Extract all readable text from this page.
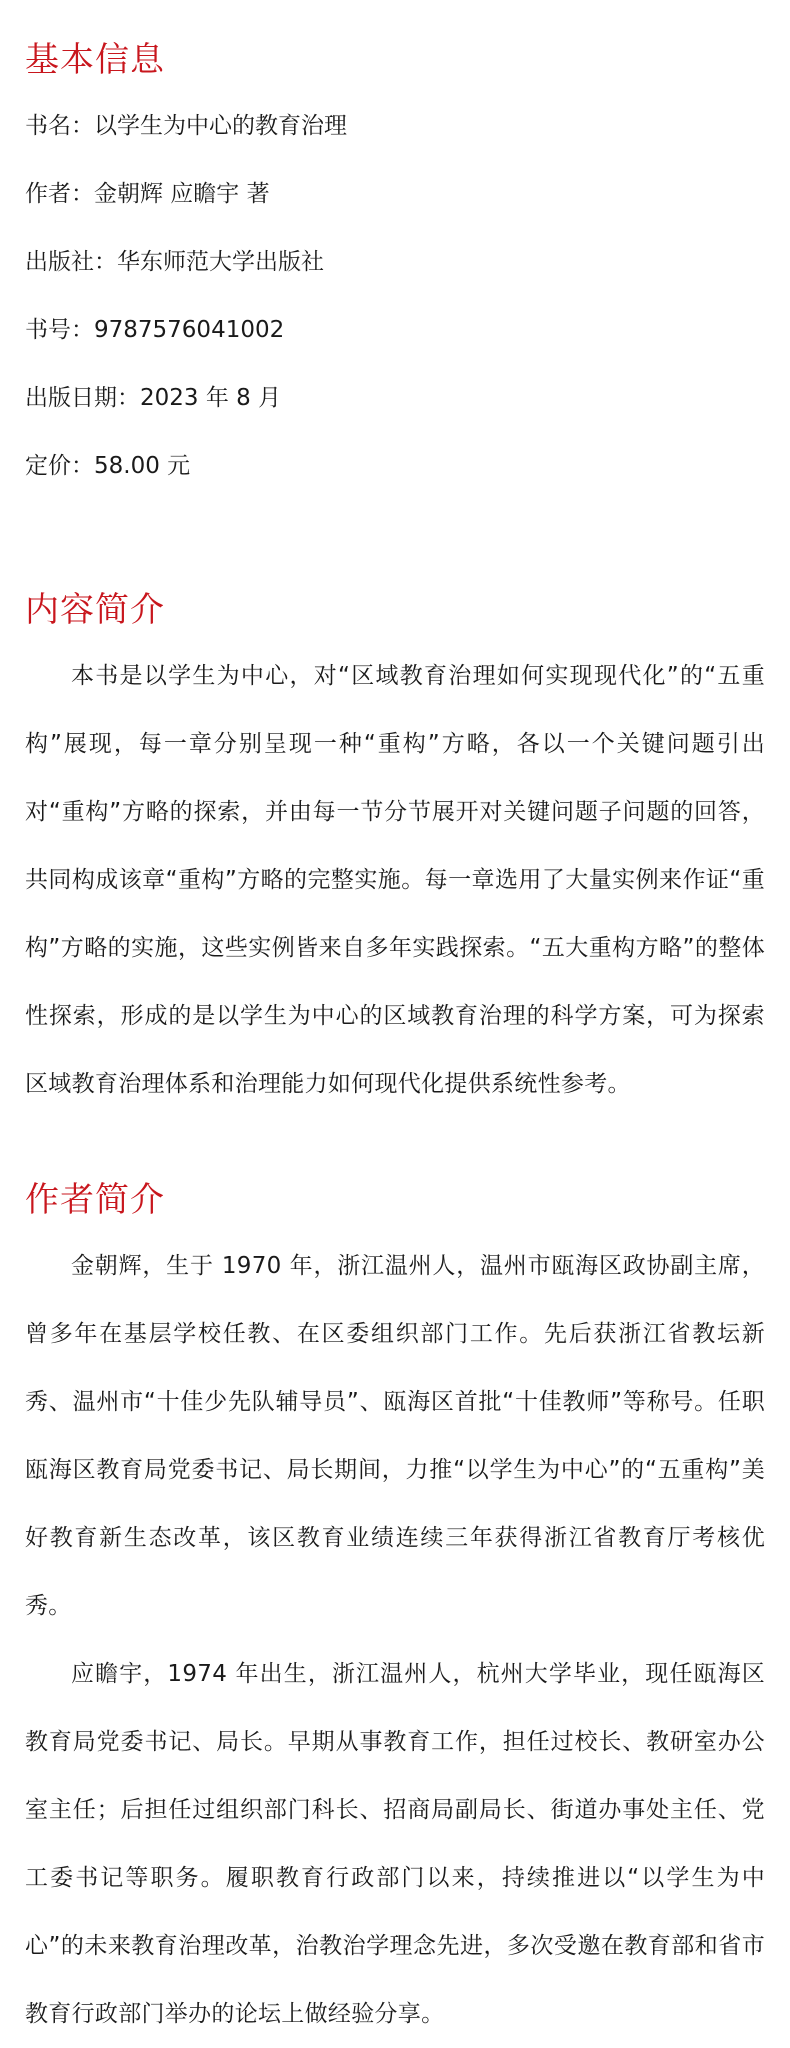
基本信息
书名：以学生为中心的教育治理
作者：金朝辉 应瞻宇 著
出版社：华东师范大学出版社
书号：9787576041002
出版日期：2023 年 8 月
定价：58.00 元
内容简介

本书是以学生为中心，对“区域教育治理如何实现现代化”的“五重构”展现，每一章分别呈现一种“重构”方略，各以一个关键问题引出对“重构”方略的探索，并由每一节分节展开对关键问题子问题的回答，共同构成该章“重构”方略的完整实施。每一章选用了大量实例来作证“重构”方略的实施，这些实例皆来自多年实践探索。“五大重构方略”的整体性探索，形成的是以学生为中心的区域教育治理的科学方案，可为探索区域教育治理体系和治理能力如何现代化提供系统性参考。

作者简介

金朝辉，生于 1970 年，浙江温州人，温州市瓯海区政协副主席，曾多年在基层学校任教、在区委组织部门工作。先后获浙江省教坛新秀、温州市“十佳少先队辅导员”、瓯海区首批“十佳教师”等称号。任职瓯海区教育局党委书记、局长期间，力推“以学生为中心”的“五重构”美好教育新生态改革，该区教育业绩连续三年获得浙江省教育厅考核优秀。

应瞻宇，1974 年出生，浙江温州人，杭州大学毕业，现任瓯海区教育局党委书记、局长。早期从事教育工作，担任过校长、教研室办公室主任；后担任过组织部门科长、招商局副局长、街道办事处主任、党工委书记等职务。履职教育行政部门以来，持续推进以“以学生为中心”的未来教育治理改革，治教治学理念先进，多次受邀在教育部和省市教育行政部门举办的论坛上做经验分享。
